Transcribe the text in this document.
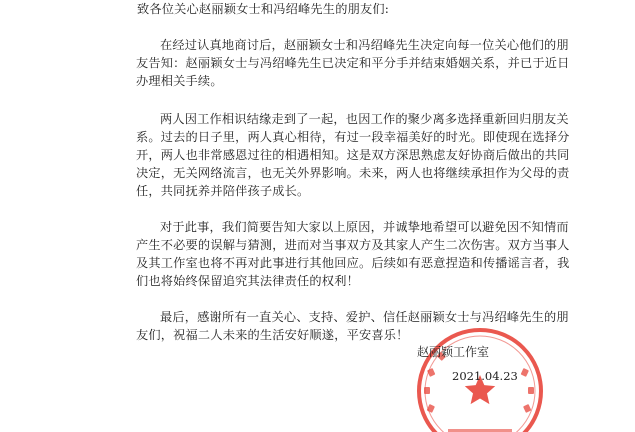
致各位关心赵丽颖女士和冯绍峰先生的朋友们:
在经过认真地商讨后，赵丽颖女士和冯绍峰先生决定向每一位关心他们的朋
友告知：赵丽颖女士与冯绍峰先生已决定和平分手并结束婚姻关系，并已于近日
办理相关手续。
两人因工作相识结缘走到了一起，也因工作的聚少离多选择重新回归朋友关
系。过去的日子里，两人真心相待，有过一段幸福美好的时光。即使现在选择分
开，两人也非常感恩过往的相遇相知。这是双方深思熟虑友好协商后做出的共同
决定，无关网络流言，也无关外界影响。未来，两人也将继续承担作为父母的责
任，共同抚养并陪伴孩子成长。
对于此事，我们简要告知大家以上原因，并诚挚地希望可以避免因不知情而
产生不必要的误解与猜测，进而对当事双方及其家人产生二次伤害。双方当事人
及其工作室也将不再对此事进行其他回应。后续如有恶意捏造和传播谣言者，我
们也将始终保留追究其法律责任的权利！
最后，感谢所有一直关心、支持、爱护、信任赵丽颖女士与冯绍峰先生的朋
友们，祝福二人未来的生活安好顺遂，平安喜乐！
赵丽颖工作室
2021.04.23
